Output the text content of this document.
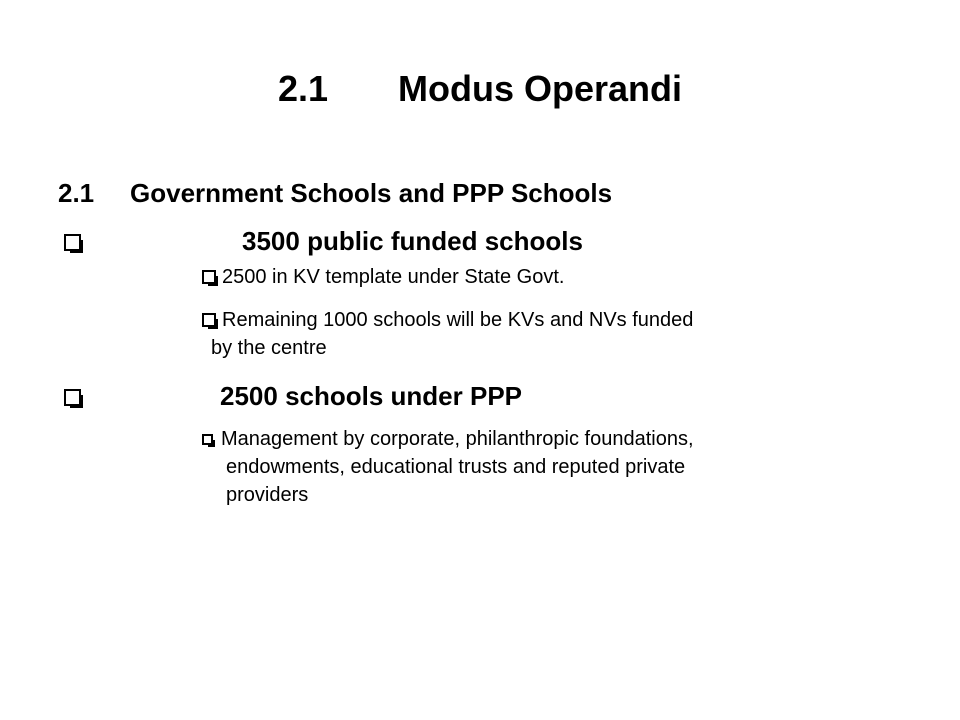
2.1 Modus Operandi
2.1 Government Schools and PPP Schools
3500 public funded schools
2500 in KV template under State Govt.
Remaining 1000 schools will be KVs and NVs funded
by the centre
2500 schools under PPP
Management by corporate, philanthropic foundations,
endowments, educational trusts and reputed private
providers
